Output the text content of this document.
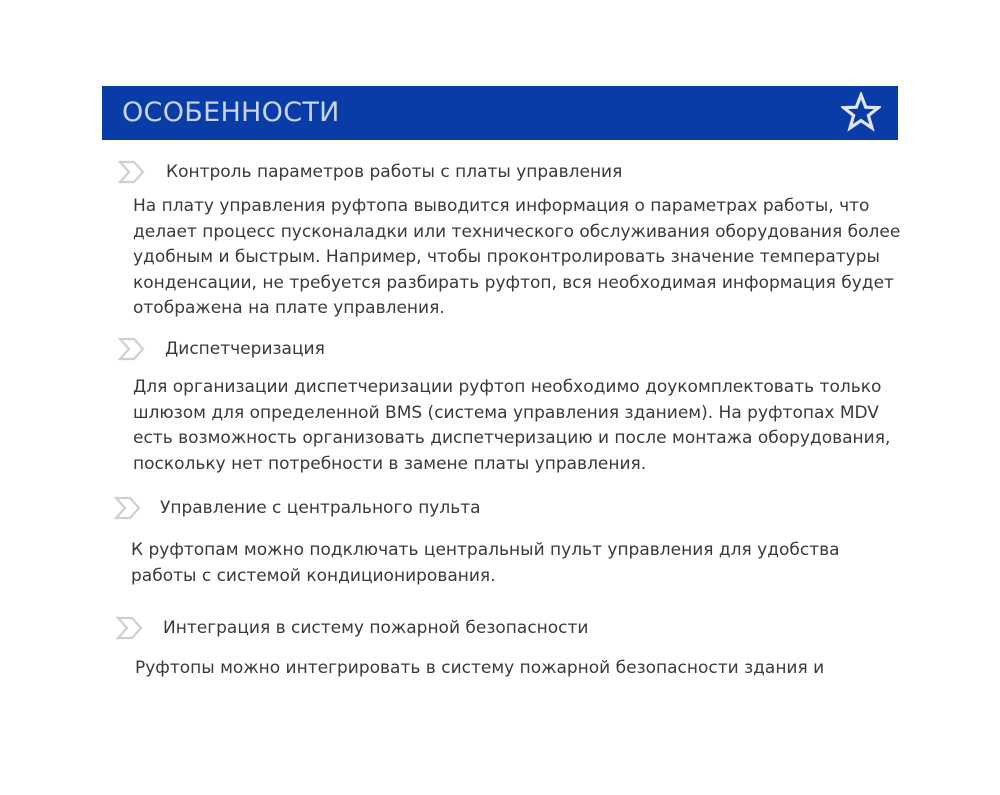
ОСОБЕННОСТИ
Контроль параметров работы с платы управления
На плату управления руфтопа выводится информация о параметрах работы, что
делает процесс пусконаладки или технического обслуживания оборудования более
удобным и быстрым. Например, чтобы проконтролировать значение температуры
конденсации, не требуется разбирать руфтоп, вся необходимая информация будет
отображена на плате управления.
Диспетчеризация
Для организации диспетчеризации руфтоп необходимо доукомплектовать только
шлюзом для определенной BMS (система управления зданием). На руфтопах MDV
есть возможность организовать диспетчеризацию и после монтажа оборудования,
поскольку нет потребности в замене платы управления.
Управление с центрального пульта
К руфтопам можно подключать центральный пульт управления для удобства
работы с системой кондиционирования.
Интеграция в систему пожарной безопасности
Руфтопы можно интегрировать в систему пожарной безопасности здания и
